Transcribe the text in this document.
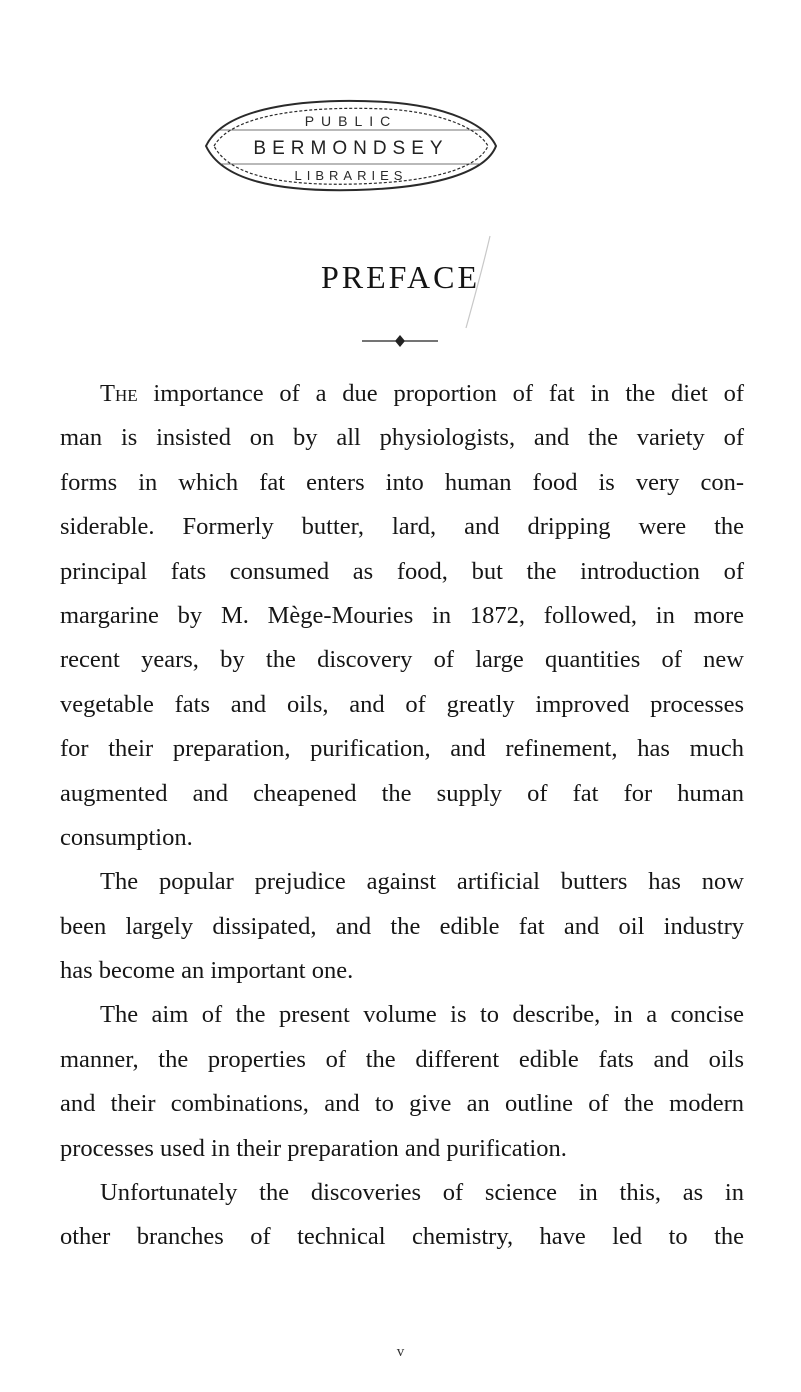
PUBLIC
BERMONDSEY
LIBRARIES
PREFACE
The importance of a due proportion of fat in the diet of
man is insisted on by all physiologists, and the variety of
forms in which fat enters into human food is very con-
siderable. Formerly butter, lard, and dripping were the
principal fats consumed as food, but the introduction of
margarine by M. Mège-Mouries in 1872, followed, in more
recent years, by the discovery of large quantities of new
vegetable fats and oils, and of greatly improved processes
for their preparation, purification, and refinement, has much
augmented and cheapened the supply of fat for human
consumption.
The popular prejudice against artificial butters has now
been largely dissipated, and the edible fat and oil industry
has become an important one.
The aim of the present volume is to describe, in a concise
manner, the properties of the different edible fats and oils
and their combinations, and to give an outline of the modern
processes used in their preparation and purification.
Unfortunately the discoveries of science in this, as in
other branches of technical chemistry, have led to the
v
